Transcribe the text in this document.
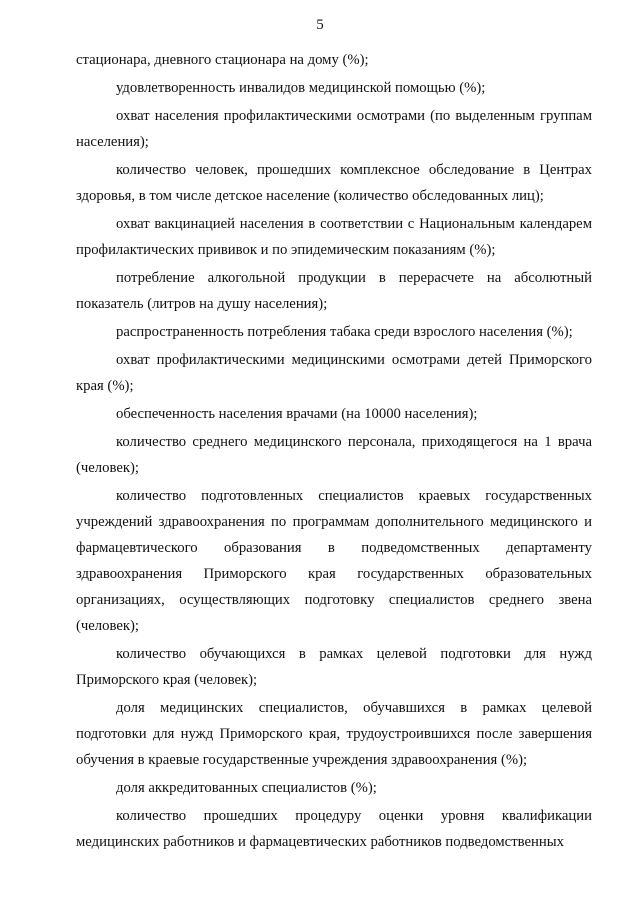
5

стационара, дневного стационара на дому (%);

удовлетворенность инвалидов медицинской помощью (%);

охват населения профилактическими осмотрами (по выделенным группам населения);

количество человек, прошедших комплексное обследование в Центрах здоровья, в том числе детское население (количество обследованных лиц);

охват вакцинацией населения в соответствии с Национальным календарем профилактических прививок и по эпидемическим показаниям (%);

потребление алкогольной продукции в перерасчете на абсолютный показатель (литров на душу населения);

распространенность потребления табака среди взрослого населения (%);

охват профилактическими медицинскими осмотрами детей Приморского края (%);

обеспеченность населения врачами (на 10000 населения);

количество среднего медицинского персонала, приходящегося на 1 врача (человек);

количество подготовленных специалистов краевых государственных учреждений здравоохранения по программам дополнительного медицинского и фармацевтического образования в подведомственных департаменту здравоохранения Приморского края государственных образовательных организациях, осуществляющих подготовку специалистов среднего звена (человек);

количество обучающихся в рамках целевой подготовки для нужд Приморского края (человек);

доля медицинских специалистов, обучавшихся в рамках целевой подготовки для нужд Приморского края, трудоустроившихся после завершения обучения в краевые государственные учреждения здравоохранения (%);

доля аккредитованных специалистов (%);

количество прошедших процедуру оценки уровня квалификации медицинских работников и фармацевтических работников подведомственных
